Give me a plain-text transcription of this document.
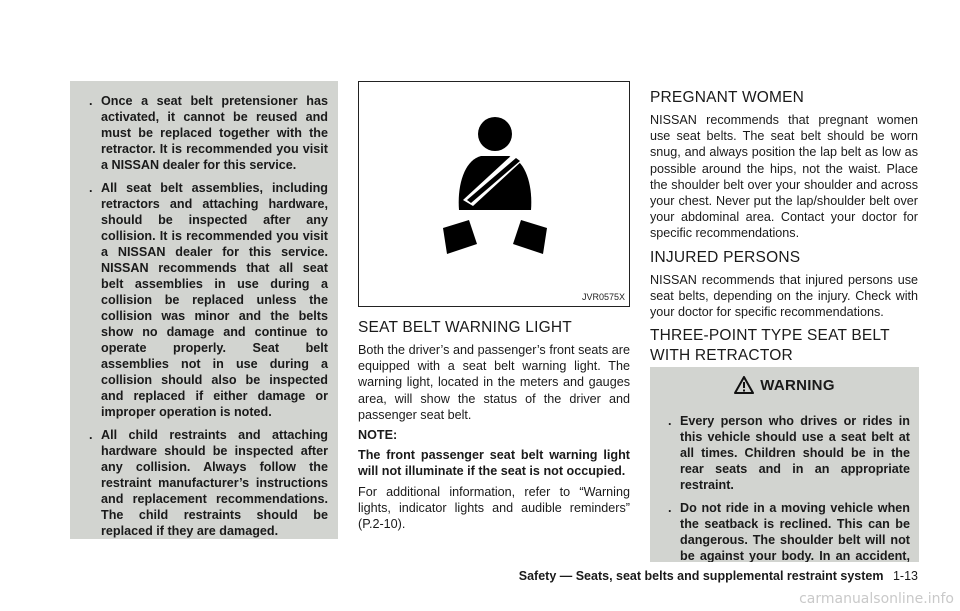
. Once a seat belt pretensioner has activated, it cannot be reused and must be replaced together with the retractor. It is recommended you visit a NISSAN dealer for this service.
. All seat belt assemblies, including retractors and attaching hardware, should be inspected after any collision. It is recommended you visit a NISSAN dealer for this service. NISSAN recommends that all seat belt assemblies in use during a collision be replaced unless the collision was minor and the belts show no damage and continue to operate properly. Seat belt assemblies not in use during a collision should also be inspected and replaced if either damage or improper operation is noted.
. All child restraints and attaching hardware should be inspected after any collision. Always follow the restraint manufacturer’s instructions and replacement recommendations. The child restraints should be replaced if they are damaged.
JVR0575X
SEAT BELT WARNING LIGHT

Both the driver’s and passenger’s front seats are equipped with a seat belt warning light. The warning light, located in the meters and gauges area, will show the status of the driver and passenger seat belt.

NOTE:

The front passenger seat belt warning light will not illuminate if the seat is not occupied.

For additional information, refer to “Warning lights, indicator lights and audible reminders” (P.2-10).

PREGNANT WOMEN

NISSAN recommends that pregnant women use seat belts. The seat belt should be worn snug, and always position the lap belt as low as possible around the hips, not the waist. Place the shoulder belt over your shoulder and across your chest. Never put the lap/shoulder belt over your abdominal area. Contact your doctor for specific recommendations.

INJURED PERSONS

NISSAN recommends that injured persons use seat belts, depending on the injury. Check with your doctor for specific recommendations.

THREE-POINT TYPE SEAT BELT WITH RETRACTOR
WARNING
. Every person who drives or rides in this vehicle should use a seat belt at all times. Children should be in the rear seats and in an appropriate restraint.
. Do not ride in a moving vehicle when the seatback is reclined. This can be dangerous. The shoulder belt will not be against your body. In an accident,
Safety — Seats, seat belts and supplemental restraint system 1-13
carmanualsonline.info
